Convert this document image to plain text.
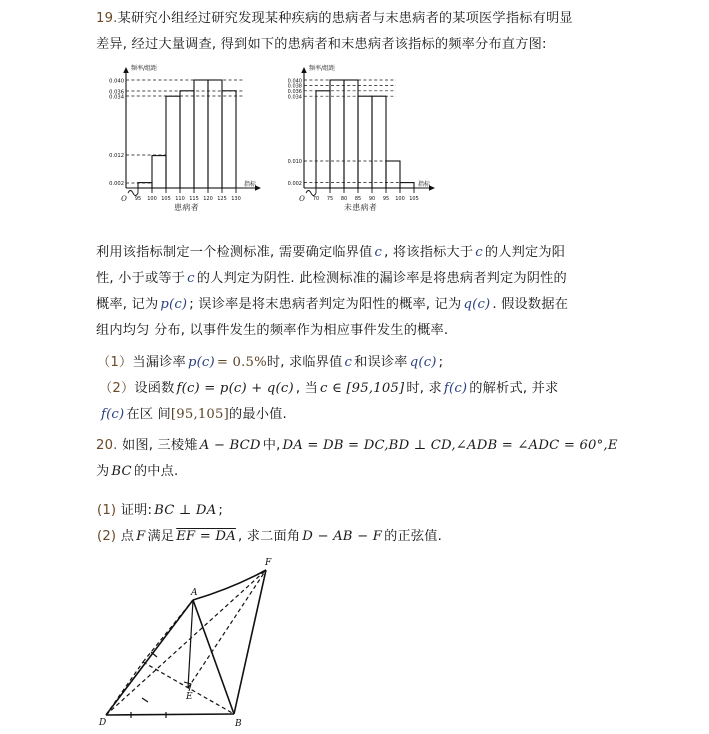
19.某研究小组经过研究发现某种疾病的患病者与末患病者的某项医学指标有明显
差异, 经过大量调查, 得到如下的患病者和末患病者该指标的频率分布直方图:
0.040
0.036
0.034
0.012
0.002
95 100 105 110 115 120 125 130
O
频率/组距
指标
患病者
0.040
0.038
0.036
0.034
0.010
0.002
70 75 80 85 90 95 100 105
O
频率/组距
指标
未患病者
利用该指标制定一个检测标准, 需要确定临界值 c , 将该指标大于 c 的人判定为阳
性, 小于或等于 c 的人判定为阴性. 此检测标准的漏诊率是将患病者判定为阴性的
概率, 记为 p(c) ; 误诊率是将末患病者判定为阳性的概率, 记为 q(c) . 假设数据在
组内均匀 分布, 以事件发生的频率作为相应事件发生的概率.
（1）当漏诊率 p(c) = 0.5%时, 求临界值 c 和误诊率 q(c) ;
（2）设函数 f(c) = p(c) + q(c) , 当 c ∈ [95,105] 时, 求 f(c) 的解析式, 并求
f(c) 在区 间[95,105]的最小值.
20. 如图, 三棱雉 A − BCD 中, DA = DB = DC,BD ⊥ CD,∠ADB = ∠ADC = 60°,E
为 BC 的中点.
(1) 证明: BC ⊥ DA ;
(2) 点 F 满足 EF = DA , 求二面角 D − AB − F 的正弦值.
A
B
D
E
F
